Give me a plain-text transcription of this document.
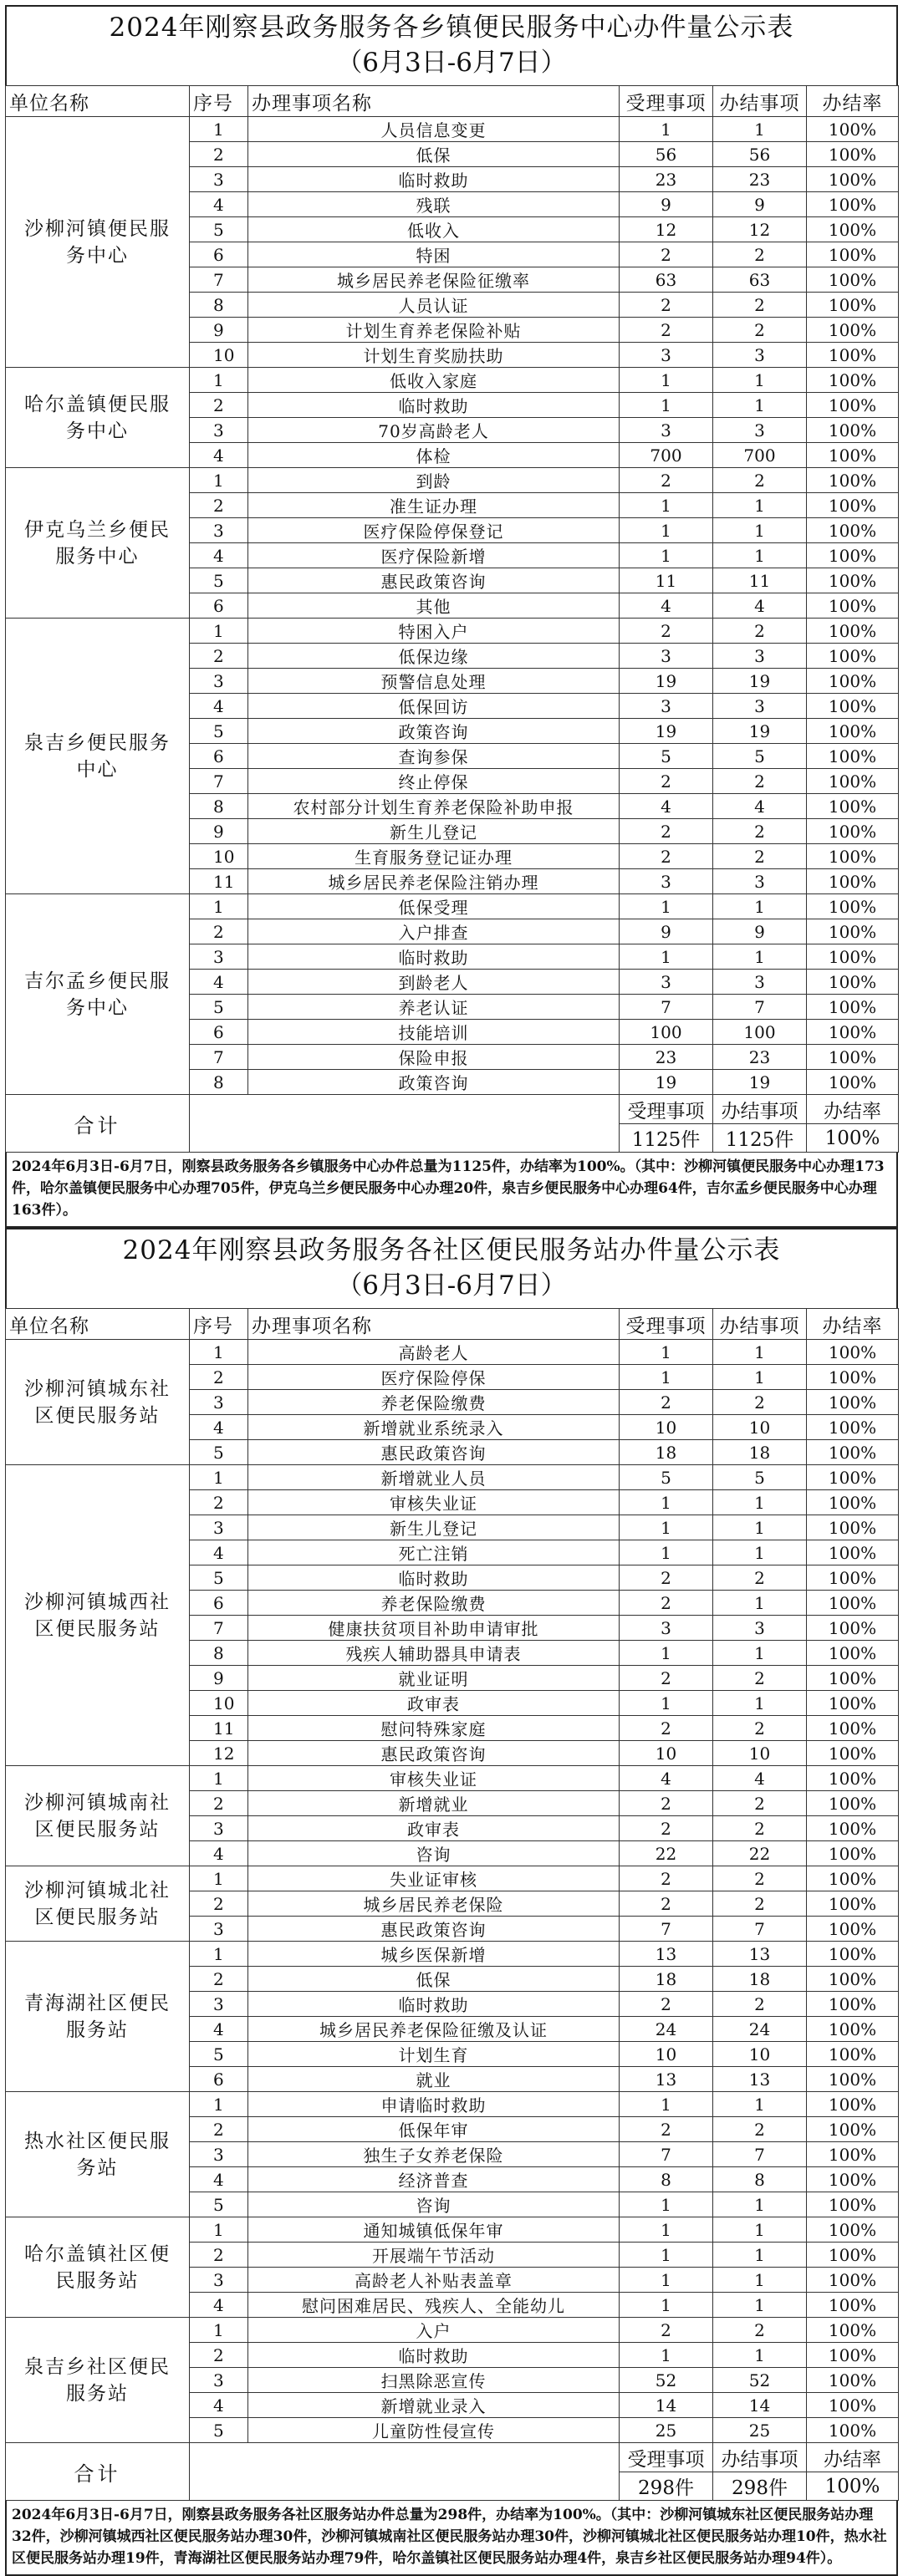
2024年刚察县政务服务各乡镇便民服务中心办件量公示表
（6月3日-6月7日）
单位名称	序号	办理事项名称	受理事项	办结事项	办结率
沙柳河镇便民服务中心	1	人员信息变更	1	1	100%
	2	低保	56	56	100%
	3	临时救助	23	23	100%
	4	残联	9	9	100%
	5	低收入	12	12	100%
	6	特困	2	2	100%
	7	城乡居民养老保险征缴率	63	63	100%
	8	人员认证	2	2	100%
	9	计划生育养老保险补贴	2	2	100%
	10	计划生育奖励扶助	3	3	100%
哈尔盖镇便民服务中心	1	低收入家庭	1	1	100%
	2	临时救助	1	1	100%
	3	70岁高龄老人	3	3	100%
	4	体检	700	700	100%
伊克乌兰乡便民服务中心	1	到龄	2	2	100%
	2	准生证办理	1	1	100%
	3	医疗保险停保登记	1	1	100%
	4	医疗保险新增	1	1	100%
	5	惠民政策咨询	11	11	100%
	6	其他	4	4	100%
泉吉乡便民服务中心	1	特困入户	2	2	100%
	2	低保边缘	3	3	100%
	3	预警信息处理	19	19	100%
	4	低保回访	3	3	100%
	5	政策咨询	19	19	100%
	6	查询参保	5	5	100%
	7	终止停保	2	2	100%
	8	农村部分计划生育养老保险补助申报	4	4	100%
	9	新生儿登记	2	2	100%
	10	生育服务登记证办理	2	2	100%
	11	城乡居民养老保险注销办理	3	3	100%
吉尔孟乡便民服务中心	1	低保受理	1	1	100%
	2	入户排查	9	9	100%
	3	临时救助	1	1	100%
	4	到龄老人	3	3	100%
	5	养老认证	7	7	100%
	6	技能培训	100	100	100%
	7	保险申报	23	23	100%
	8	政策咨询	19	19	100%
合计			受理事项	办结事项	办结率
			1125件	1125件	100%
2024年6月3日-6月7日，刚察县政务服务各乡镇服务中心办件总量为1125件，办结率为100%。（其中：沙柳河镇便民服务中心办理173件，哈尔盖镇便民服务中心办理705件，伊克乌兰乡便民服务中心办理20件，泉吉乡便民服务中心办理64件，吉尔孟乡便民服务中心办理163件）。
2024年刚察县政务服务各社区便民服务站办件量公示表
（6月3日-6月7日）
单位名称	序号	办理事项名称	受理事项	办结事项	办结率
沙柳河镇城东社区便民服务站	1	高龄老人	1	1	100%
	2	医疗保险停保	1	1	100%
	3	养老保险缴费	2	2	100%
	4	新增就业系统录入	10	10	100%
	5	惠民政策咨询	18	18	100%
沙柳河镇城西社区便民服务站	1	新增就业人员	5	5	100%
	2	审核失业证	1	1	100%
	3	新生儿登记	1	1	100%
	4	死亡注销	1	1	100%
	5	临时救助	2	2	100%
	6	养老保险缴费	2	1	100%
	7	健康扶贫项目补助申请审批	3	3	100%
	8	残疾人辅助器具申请表	1	1	100%
	9	就业证明	2	2	100%
	10	政审表	1	1	100%
	11	慰问特殊家庭	2	2	100%
	12	惠民政策咨询	10	10	100%
沙柳河镇城南社区便民服务站	1	审核失业证	4	4	100%
	2	新增就业	2	2	100%
	3	政审表	2	2	100%
	4	咨询	22	22	100%
沙柳河镇城北社区便民服务站	1	失业证审核	2	2	100%
	2	城乡居民养老保险	2	2	100%
	3	惠民政策咨询	7	7	100%
青海湖社区便民服务站	1	城乡医保新增	13	13	100%
	2	低保	18	18	100%
	3	临时救助	2	2	100%
	4	城乡居民养老保险征缴及认证	24	24	100%
	5	计划生育	10	10	100%
	6	就业	13	13	100%
热水社区便民服务站	1	申请临时救助	1	1	100%
	2	低保年审	2	2	100%
	3	独生子女养老保险	7	7	100%
	4	经济普查	8	8	100%
	5	咨询	1	1	100%
哈尔盖镇社区便民服务站	1	通知城镇低保年审	1	1	100%
	2	开展端午节活动	1	1	100%
	3	高龄老人补贴表盖章	1	1	100%
	4	慰问困难居民、残疾人、全能幼儿	1	1	100%
泉吉乡社区便民服务站	1	入户	2	2	100%
	2	临时救助	1	1	100%
	3	扫黑除恶宣传	52	52	100%
	4	新增就业录入	14	14	100%
	5	儿童防性侵宣传	25	25	100%
合计			受理事项	办结事项	办结率
			298件	298件	100%
2024年6月3日-6月7日，刚察县政务服务各社区服务站办件总量为298件，办结率为100%。（其中：沙柳河镇城东社区便民服务站办理32件，沙柳河镇城西社区便民服务站办理30件，沙柳河镇城南社区便民服务站办理30件，沙柳河镇城北社区便民服务站办理10件，热水社区便民服务站办理19件，青海湖社区便民服务站办理79件，哈尔盖镇社区便民服务站办理4件，泉吉乡社区便民服务站办理94件）。
